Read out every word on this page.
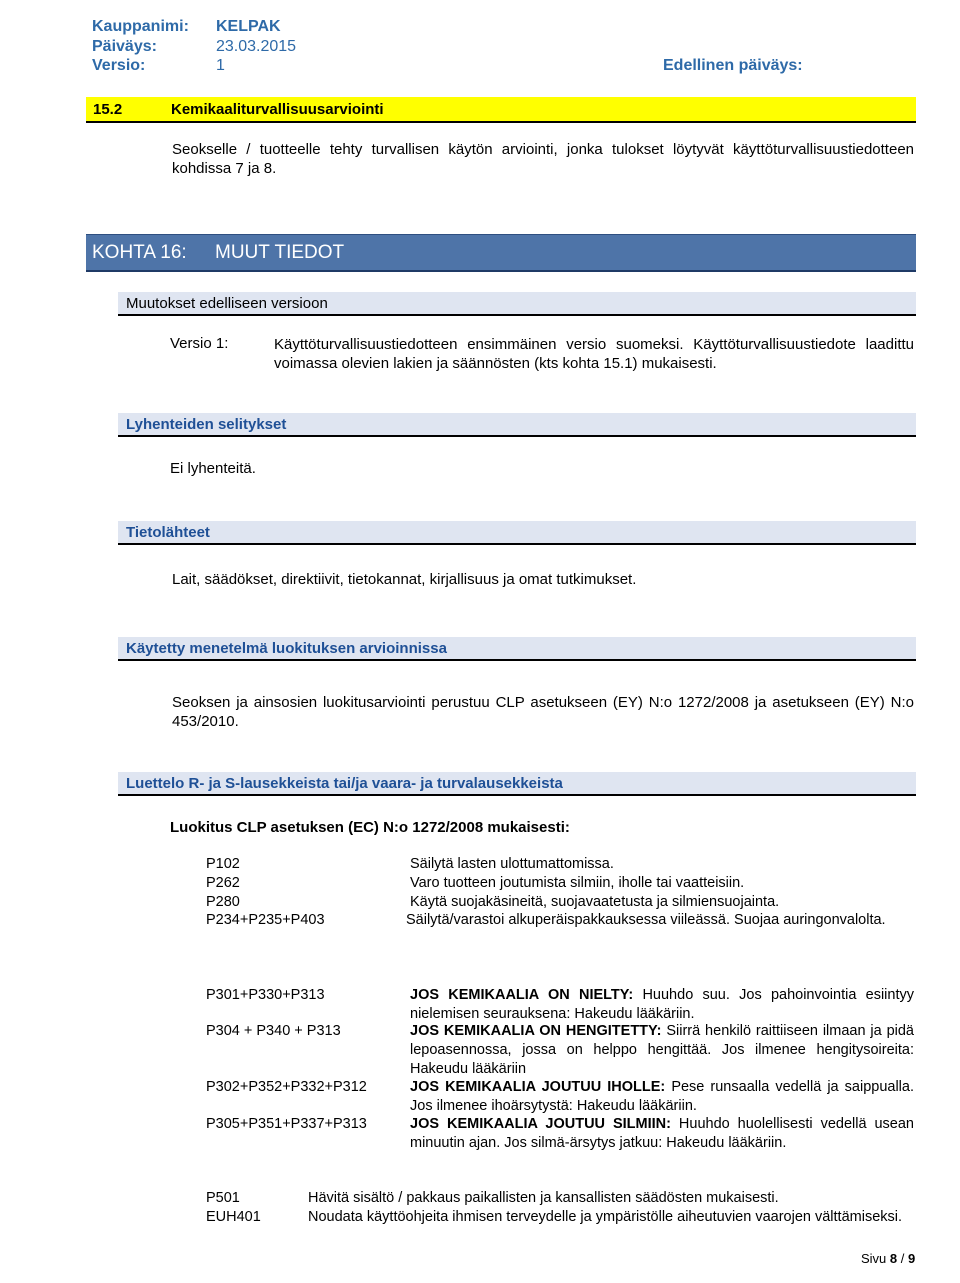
Kauppanimi: KELPAK
Päiväys:	23.03.2015
Versio:	1	Edellinen päiväys:
15.2	Kemikaaliturvallisuusarviointi
Seokselle / tuotteelle tehty turvallisen käytön arviointi, jonka tulokset löytyvät käyttöturvallisuustiedotteen kohdissa 7 ja 8.
KOHTA 16: MUUT TIEDOT
Muutokset edelliseen versioon
Versio 1:	Käyttöturvallisuustiedotteen ensimmäinen versio suomeksi. Käyttöturvallisuustiedote laadittu voimassa olevien lakien ja säännösten (kts kohta 15.1) mukaisesti.
Lyhenteiden selitykset
Ei lyhenteitä.
Tietolähteet
Lait, säädökset, direktiivit, tietokannat, kirjallisuus ja omat tutkimukset.
Käytetty menetelmä luokituksen arvioinnissa
Seoksen ja ainsosien luokitusarviointi perustuu CLP asetukseen (EY) N:o 1272/2008 ja asetukseen (EY) N:o 453/2010.
Luettelo R- ja S-lausekkeista tai/ja vaara- ja turvalausekkeista
Luokitus CLP asetuksen (EC) N:o 1272/2008 mukaisesti:
P102	Säilytä lasten ulottumattomissa.
P262	Varo tuotteen joutumista silmiin, iholle tai vaatteisiin.
P280	Käytä suojakäsineitä, suojavaatetusta ja silmiensuojainta.
P234+P235+P403	Säilytä/varastoi alkuperäispakkauksessa viileässä. Suojaa auringonvalolta.
P301+P330+P313	JOS KEMIKAALIA ON NIELTY: Huuhdo suu. Jos pahoinvointia esiintyy nielemisen seurauksena: Hakeudu lääkäriin.
P304 + P340 + P313	JOS KEMIKAALIA ON HENGITETTY: Siirrä henkilö raittiiseen ilmaan ja pidä lepoasennossa, jossa on helppo hengittää. Jos ilmenee hengitysoireita: Hakeudu lääkäriin
P302+P352+P332+P312	JOS KEMIKAALIA JOUTUU IHOLLE: Pese runsaalla vedellä ja saippualla. Jos ilmenee ihoärsytystä: Hakeudu lääkäriin.
P305+P351+P337+P313	JOS KEMIKAALIA JOUTUU SILMIIN: Huuhdo huolellisesti vedellä usean minuutin ajan. Jos silmä-ärsytys jatkuu: Hakeudu lääkäriin.
P501	Hävitä sisältö / pakkaus paikallisten ja kansallisten säädösten mukaisesti.
EUH401	Noudata käyttöohjeita ihmisen terveydelle ja ympäristölle aiheutuvien vaarojen välttämiseksi.
Sivu 8 / 9
